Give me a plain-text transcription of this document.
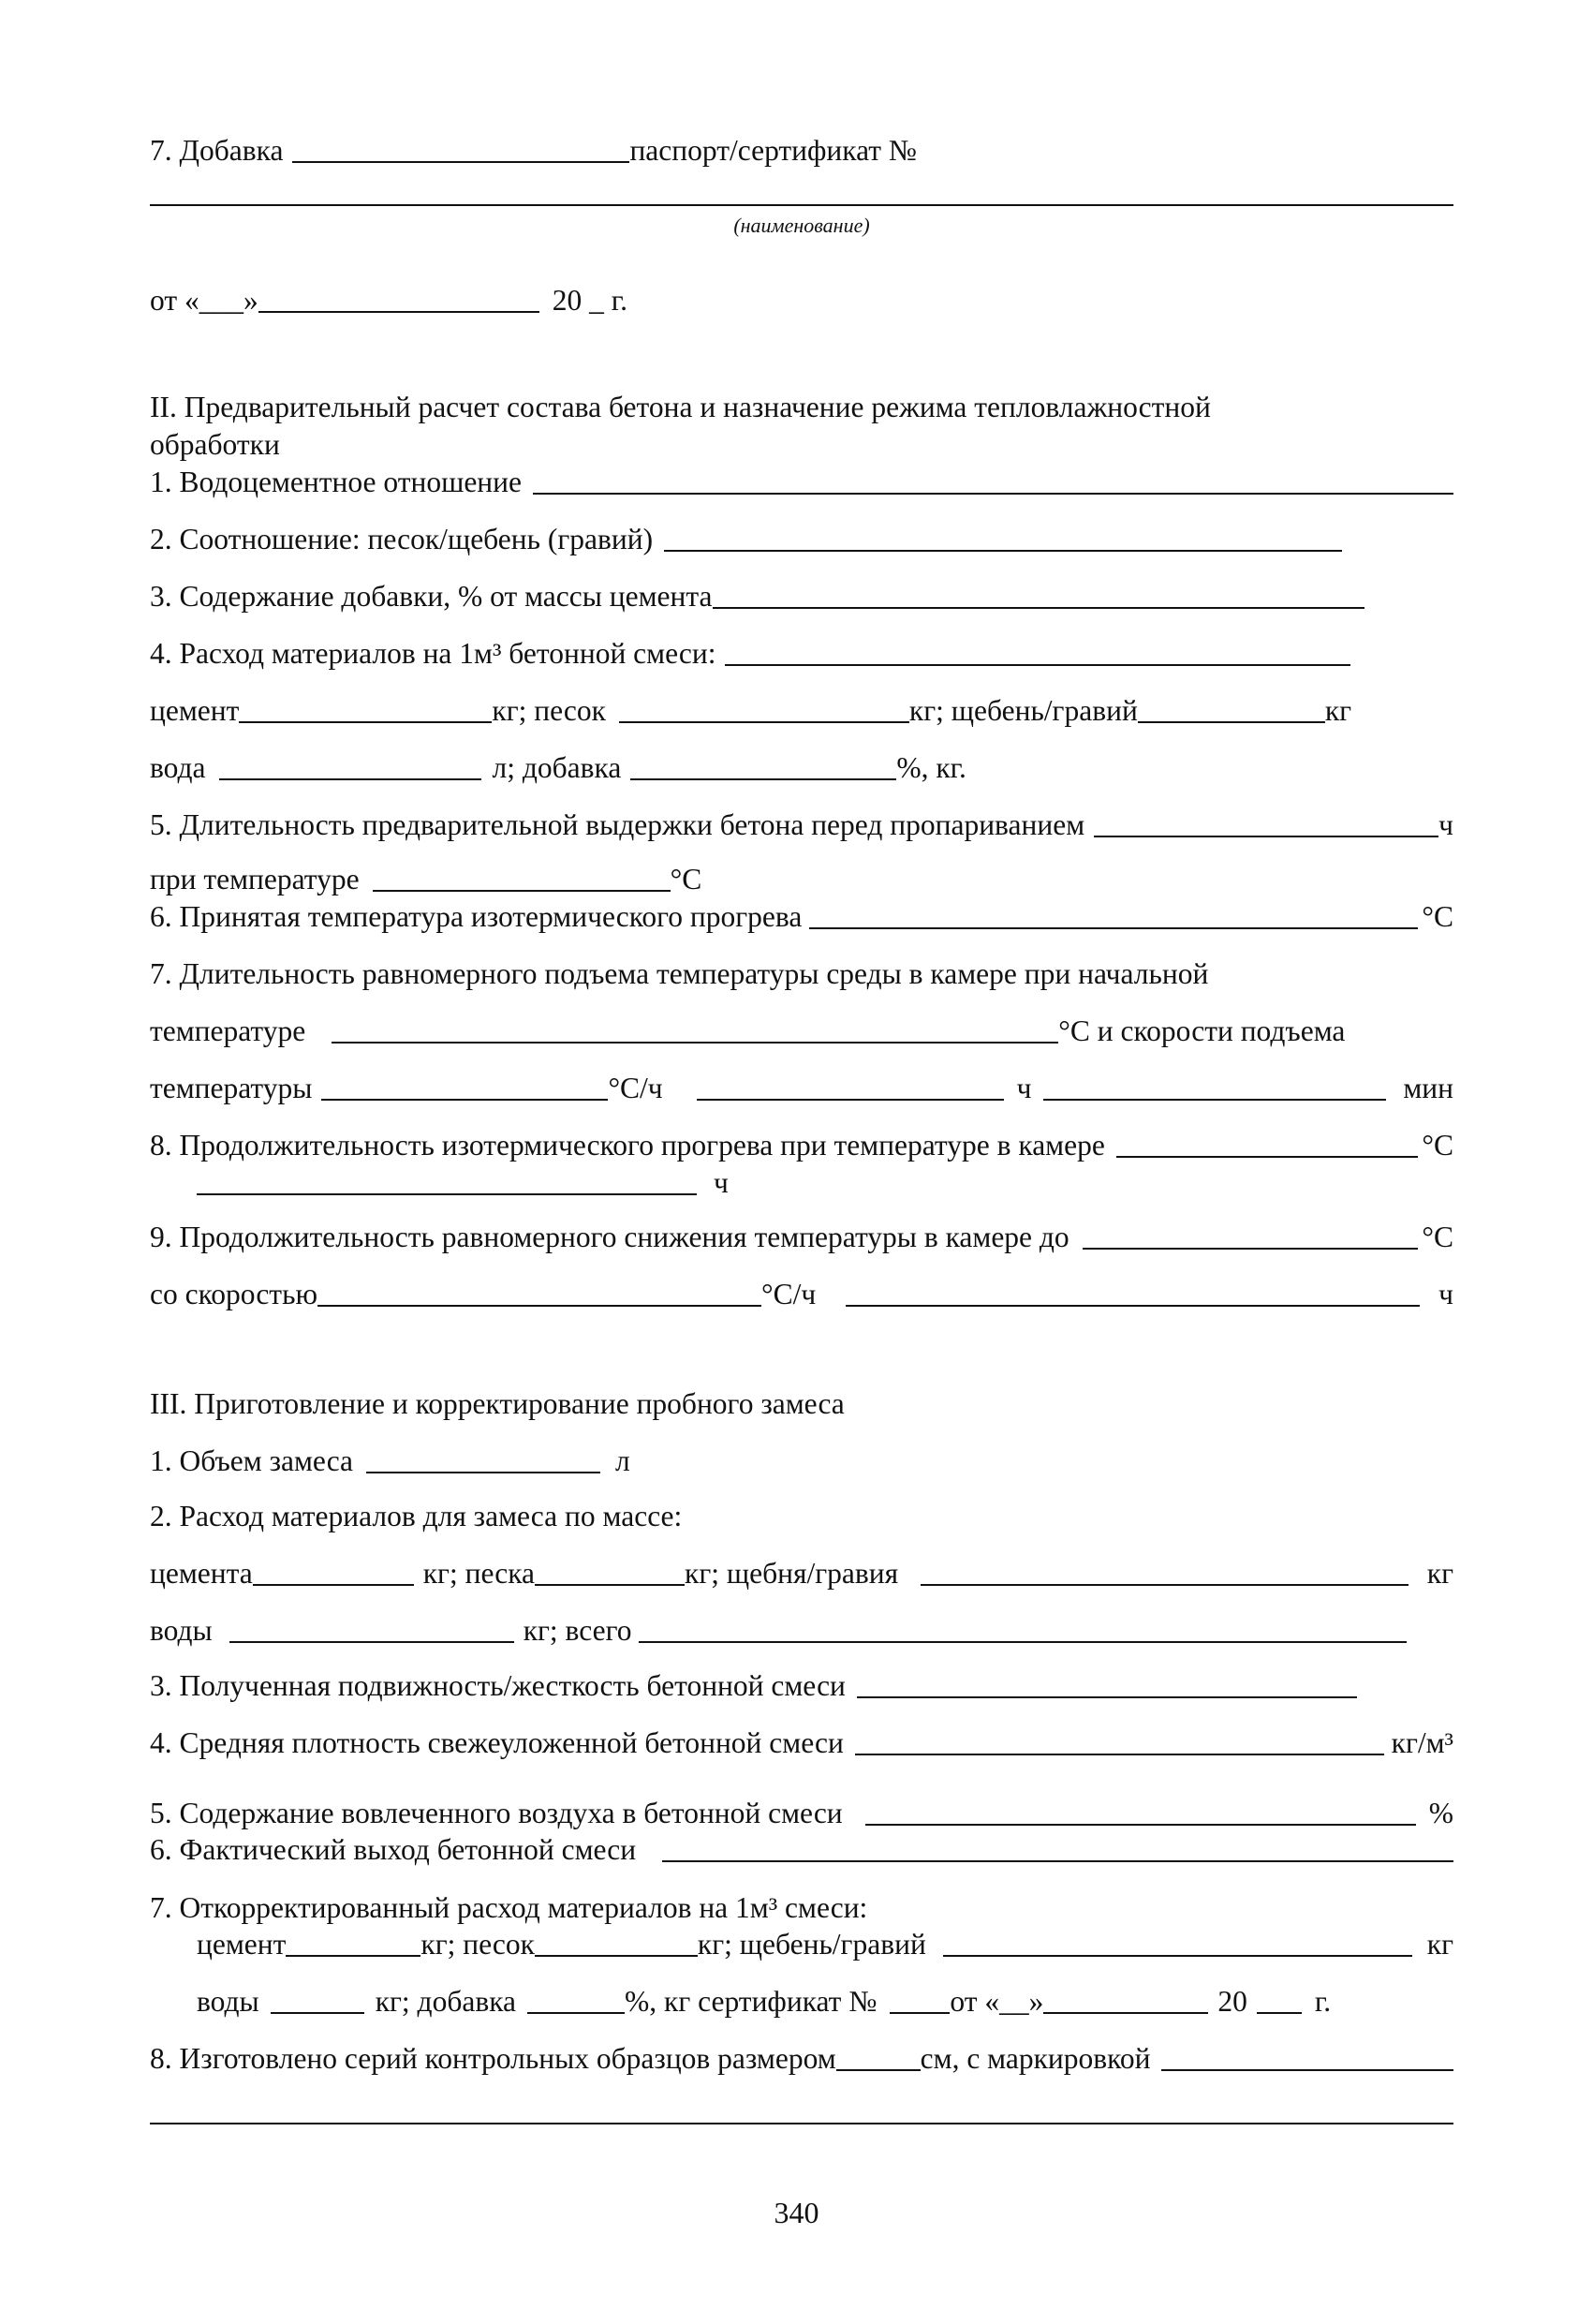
7. Добавка	паспорт/сертификат №
(наименование)
от «___»	20 _ г.
II. Предварительный расчет состава бетона и назначение режима тепловлажностной
обработки
1. Водоцементное отношение
2. Соотношение: песок/щебень (гравий)
3. Содержание добавки, % от массы цемента
4. Расход материалов на 1м³ бетонной смеси:
цемент	кг; песок	кг; щебень/гравий	кг
вода	л; добавка	%, кг.
5. Длительность предварительной выдержки бетона перед пропариванием	ч
при температуре	°С
6. Принятая температура изотермического прогрева	°С
7. Длительность равномерного подъема температуры среды в камере при начальной
температуре	°С и скорости подъема
температуры	°С/ч	ч	мин
8. Продолжительность изотермического прогрева при температуре в камере	°С
ч
9. Продолжительность равномерного снижения температуры в камере до	°С
со скоростью	°С/ч	ч
III. Приготовление и корректирование пробного замеса
1. Объем замеса	л
2. Расход материалов для замеса по массе:
цемента	кг; песка	кг; щебня/гравия	кг
воды	кг; всего
3. Полученная подвижность/жесткость бетонной смеси
4. Средняя плотность свежеуложенной бетонной смеси	кг/м³
5. Содержание вовлеченного воздуха в бетонной смеси	%
6. Фактический выход бетонной смеси
7. Откорректированный расход материалов на 1м³ смеси:
цемент	кг; песок	кг; щебень/гравий	кг
воды	кг; добавка	%, кг сертификат № от «__»	20 г.
8. Изготовлено серий контрольных образцов размером	см, с маркировкой
340
